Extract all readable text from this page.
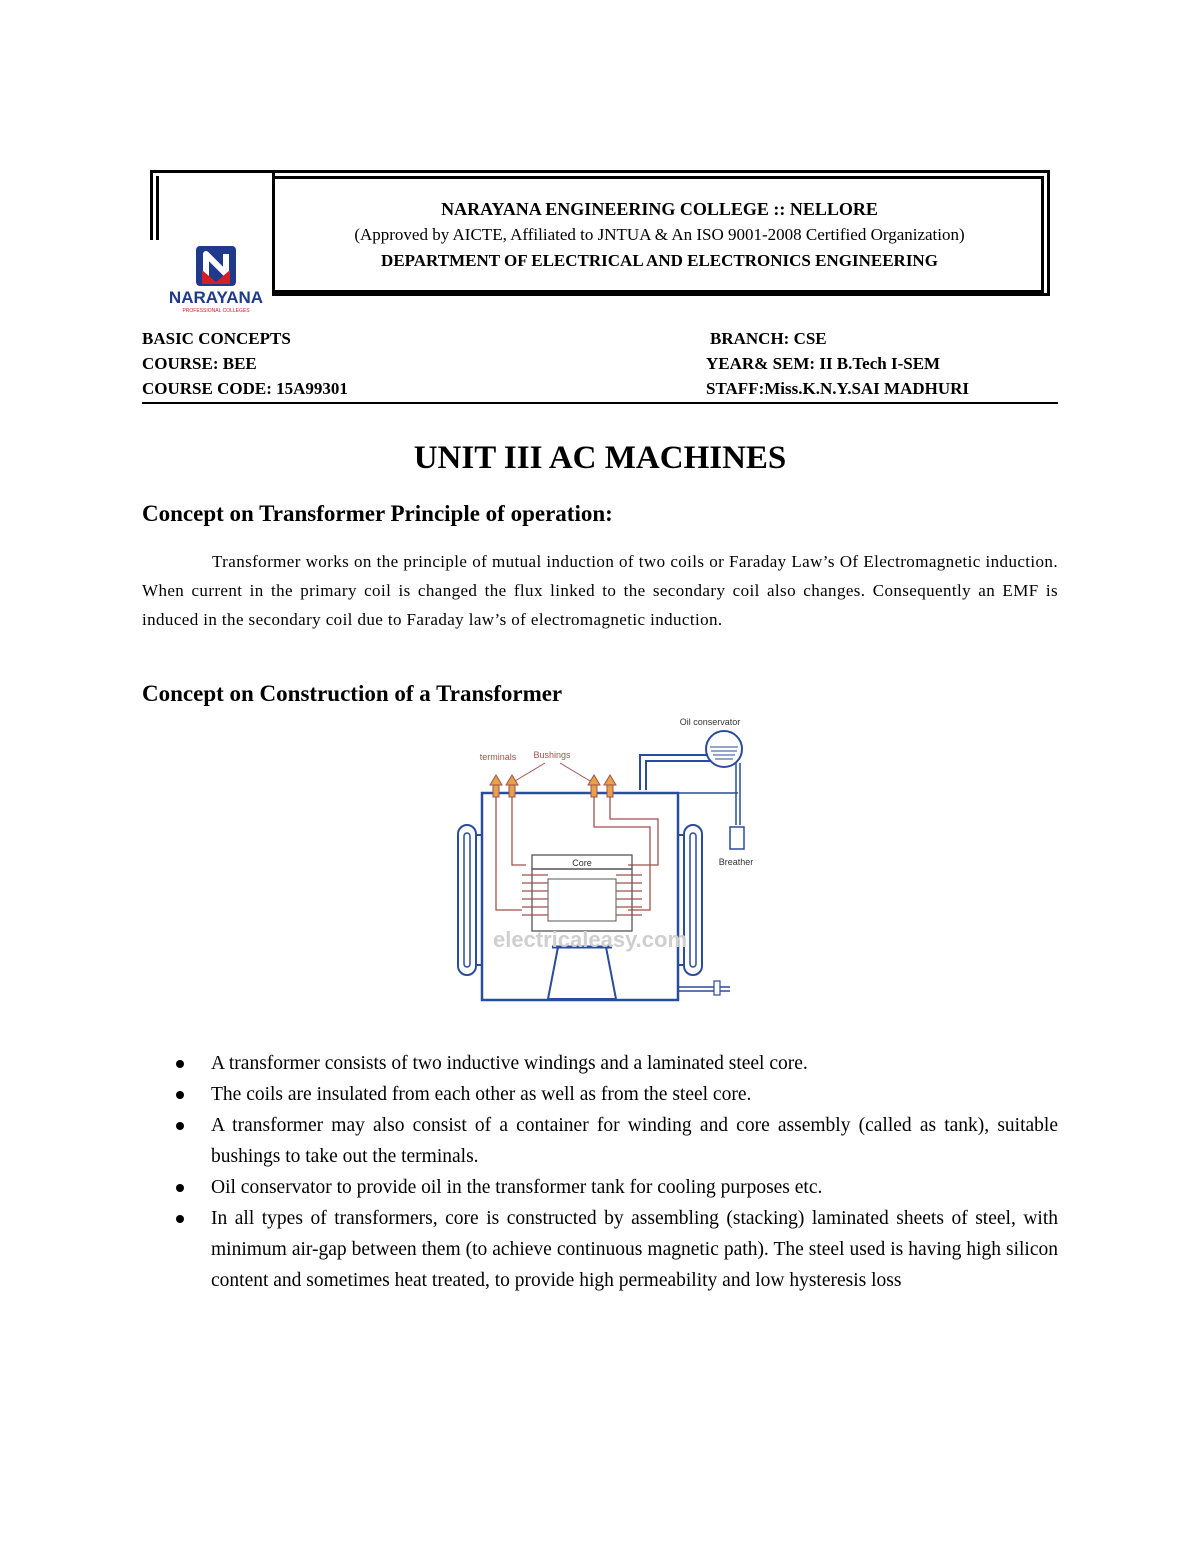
NARAYANA
PROFESSIONAL COLLEGES
NARAYANA ENGINEERING COLLEGE :: NELLORE
(Approved by AICTE, Affiliated to JNTUA & An ISO 9001-2008 Certified Organization)
DEPARTMENT OF ELECTRICAL AND ELECTRONICS ENGINEERING
BASIC CONCEPTS
COURSE: BEE
COURSE CODE: 15A99301
BRANCH: CSE
YEAR& SEM: II B.Tech I-SEM
STAFF:Miss.K.N.Y.SAI MADHURI
UNIT III AC MACHINES
Concept on Transformer Principle of operation:
Transformer works on the principle of mutual induction of two coils or Faraday Law’s Of Electromagnetic induction. When current in the primary coil is changed the flux linked to the secondary coil also changes. Consequently an EMF is induced in the secondary coil due to Faraday law’s of electromagnetic induction.
Concept on Construction of a Transformer
Oil conservator
Breather
terminals Bushings
Core
electricaleasy.com
A transformer consists of two inductive windings and a laminated steel core.
The coils are insulated from each other as well as from the steel core.
A transformer may also consist of a container for winding and core assembly (called as tank), suitable bushings to take out the terminals.
Oil conservator to provide oil in the transformer tank for cooling purposes etc.
In all types of transformers, core is constructed by assembling (stacking) laminated sheets of steel, with minimum air-gap between them (to achieve continuous magnetic path). The steel used is having high silicon content and sometimes heat treated, to provide high permeability and low hysteresis loss
